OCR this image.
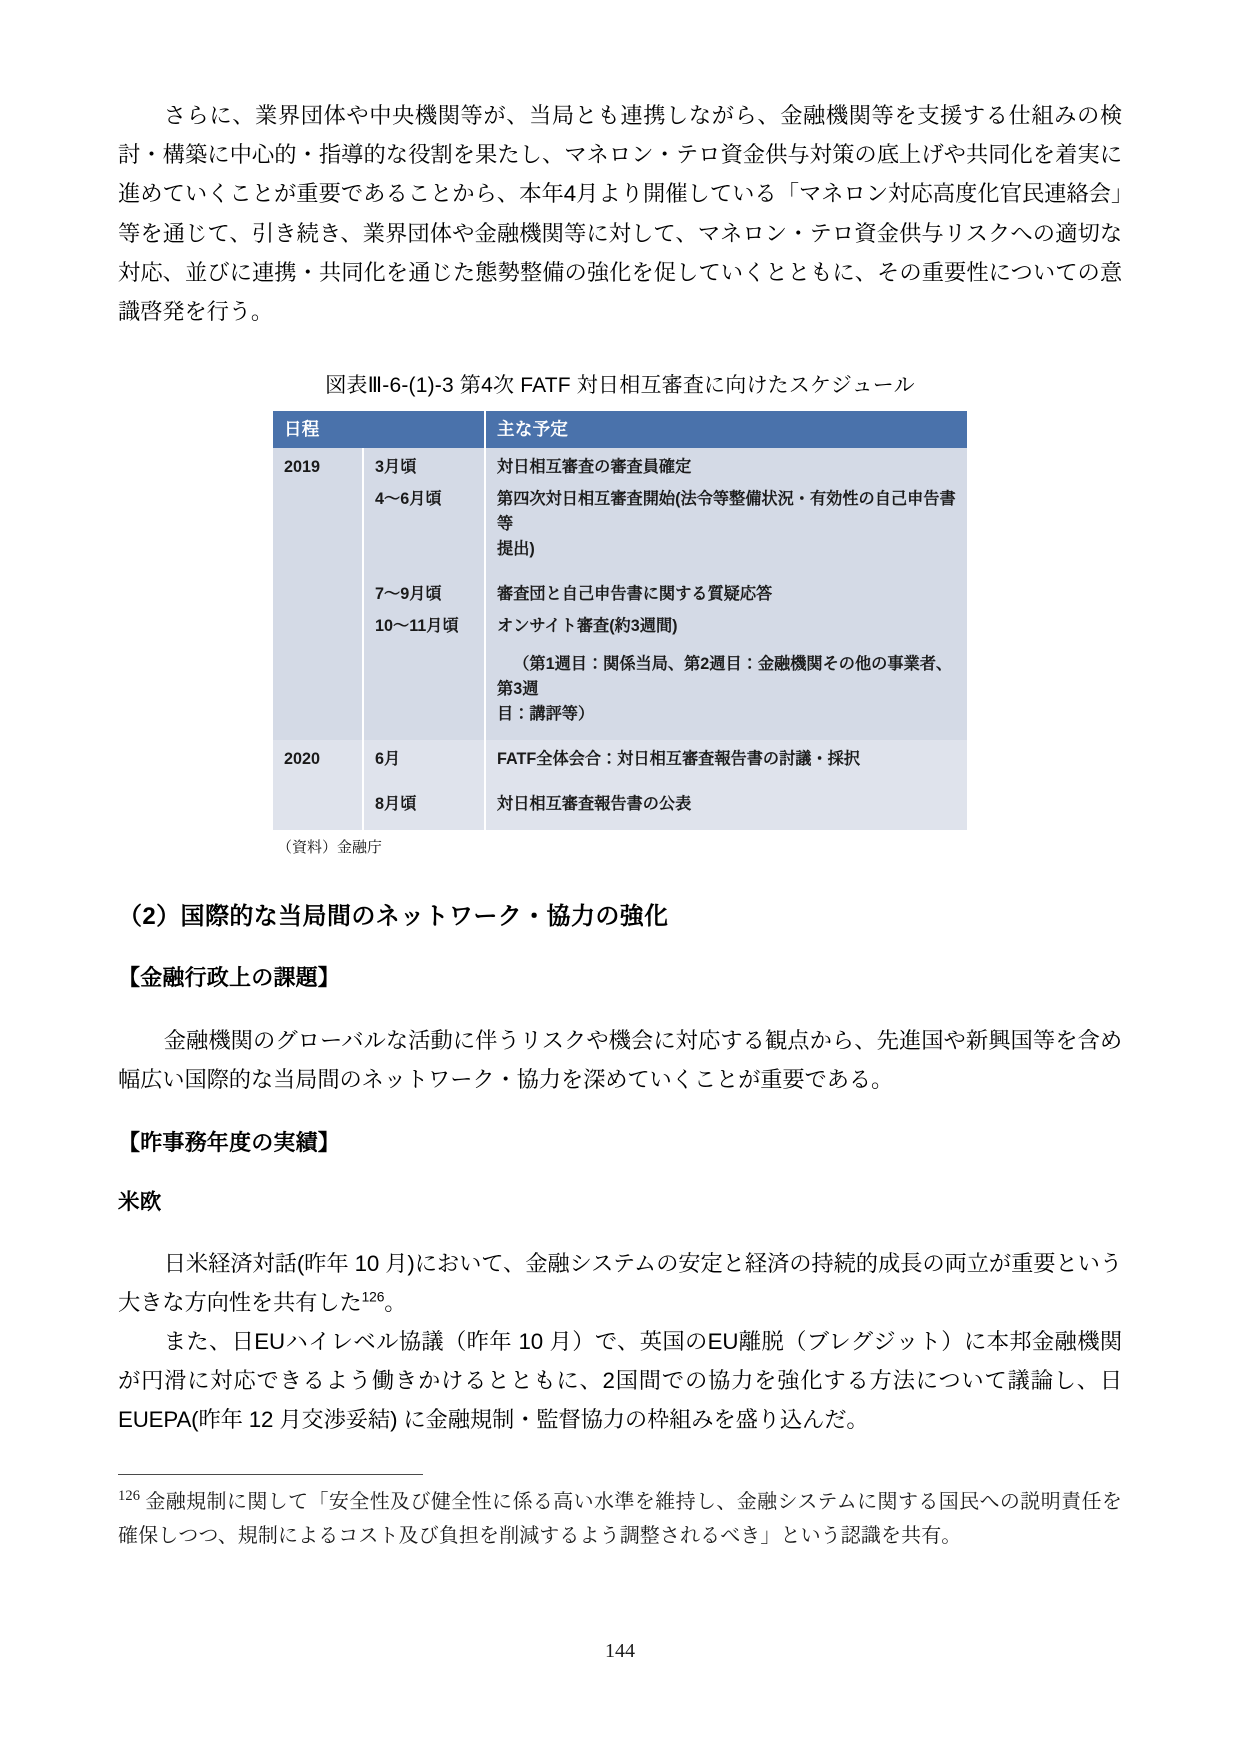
さらに、業界団体や中央機関等が、当局とも連携しながら、金融機関等を支援する仕組みの検討・構築に中心的・指導的な役割を果たし、マネロン・テロ資金供与対策の底上げや共同化を着実に進めていくことが重要であることから、本年4月より開催している「マネロン対応高度化官民連絡会」等を通じて、引き続き、業界団体や金融機関等に対して、マネロン・テロ資金供与リスクへの適切な対応、並びに連携・共同化を通じた態勢整備の強化を促していくとともに、その重要性についての意識啓発を行う。

図表Ⅲ-6-(1)-3 第4次 FATF 対日相互審査に向けたスケジュール

日程		主な予定
2019	3月頃	対日相互審査の審査員確定

	4～6月頃	第四次対日相互審査開始(法令等整備状況・有効性の自己申告書等
提出)

	7～9月頃	審査団と自己申告書に関する質疑応答

	10～11月頃	オンサイト審査(約3週間)
（第1週目：関係当局、第2週目：金融機関その他の事業者、第3週
目：講評等）

2020	6月	FATF全体会合：対日相互審査報告書の討議・採択

	8月頃	対日相互審査報告書の公表

（資料）金融庁

（2）国際的な当局間のネットワーク・協力の強化
【金融行政上の課題】

金融機関のグローバルな活動に伴うリスクや機会に対応する観点から、先進国や新興国等を含め幅広い国際的な当局間のネットワーク・協力を深めていくことが重要である。

【昨事務年度の実績】
米欧

日米経済対話(昨年 10 月)において、金融システムの安定と経済の持続的成長の両立が重要という大きな方向性を共有した$^{126}$。

また、日EUハイレベル協議（昨年 10 月）で、英国のEU離脱（ブレグジット）に本邦金融機関が円滑に対応できるよう働きかけるとともに、2国間での協力を強化する方法について議論し、日EUEPA(昨年 12 月交渉妥結) に金融規制・監督協力の枠組みを盛り込んだ。

$^{126}$ 金融規制に関して「安全性及び健全性に係る高い水準を維持し、金融システムに関する国民への説明責任を確保しつつ、規制によるコスト及び負担を削減するよう調整されるべき」という認識を共有。

144
